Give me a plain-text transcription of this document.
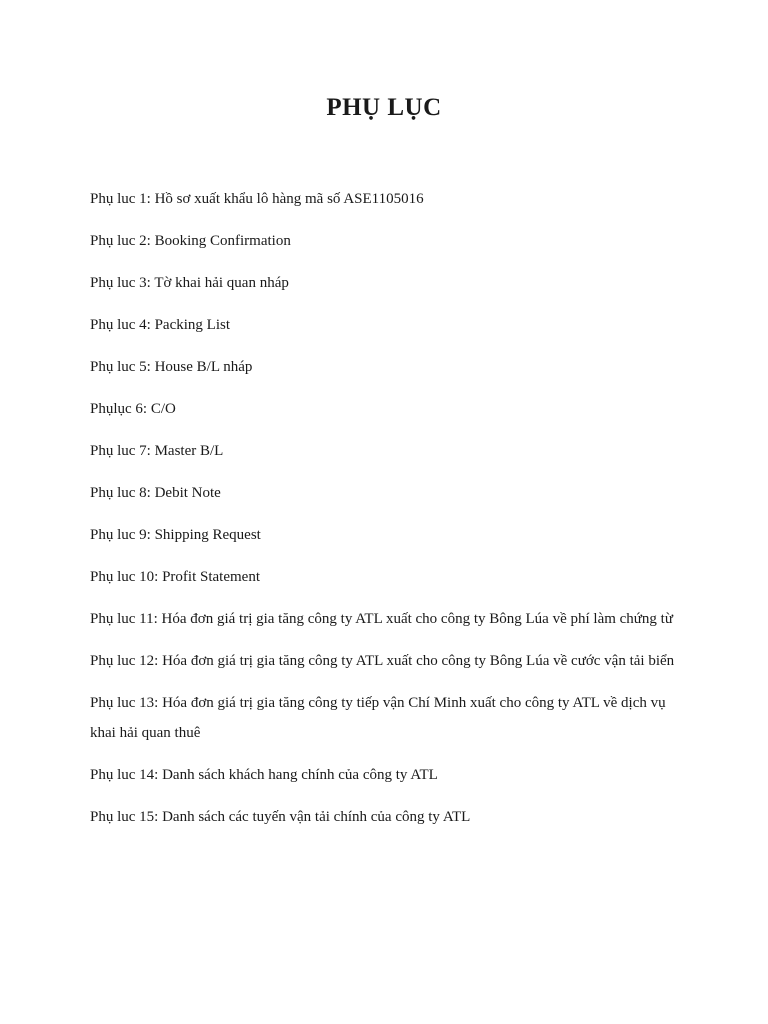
PHỤ LỤC
Phụ luc 1: Hồ sơ xuất khẩu lô hàng mã số ASE1105016
Phụ luc 2: Booking Confirmation
Phụ luc 3: Tờ khai hải quan nháp
Phụ luc 4: Packing List
Phụ luc 5: House B/L nháp
Phụlục 6: C/O
Phụ luc 7: Master B/L
Phụ luc 8: Debit Note
Phụ luc 9: Shipping Request
Phụ luc 10: Profit Statement
Phụ luc 11: Hóa đơn giá trị gia tăng công ty ATL xuất cho công ty Bông Lúa về phí làm chứng từ
Phụ luc 12: Hóa đơn giá trị gia tăng công ty ATL xuất cho công ty Bông Lúa về cước vận tải biển
Phụ luc 13: Hóa đơn giá trị gia tăng công ty tiếp vận Chí Minh xuất cho công ty ATL về dịch vụ khai hải quan thuê
Phụ luc 14: Danh sách khách hang chính của công ty ATL
Phụ luc 15: Danh sách các tuyến vận tải chính của công ty ATL
